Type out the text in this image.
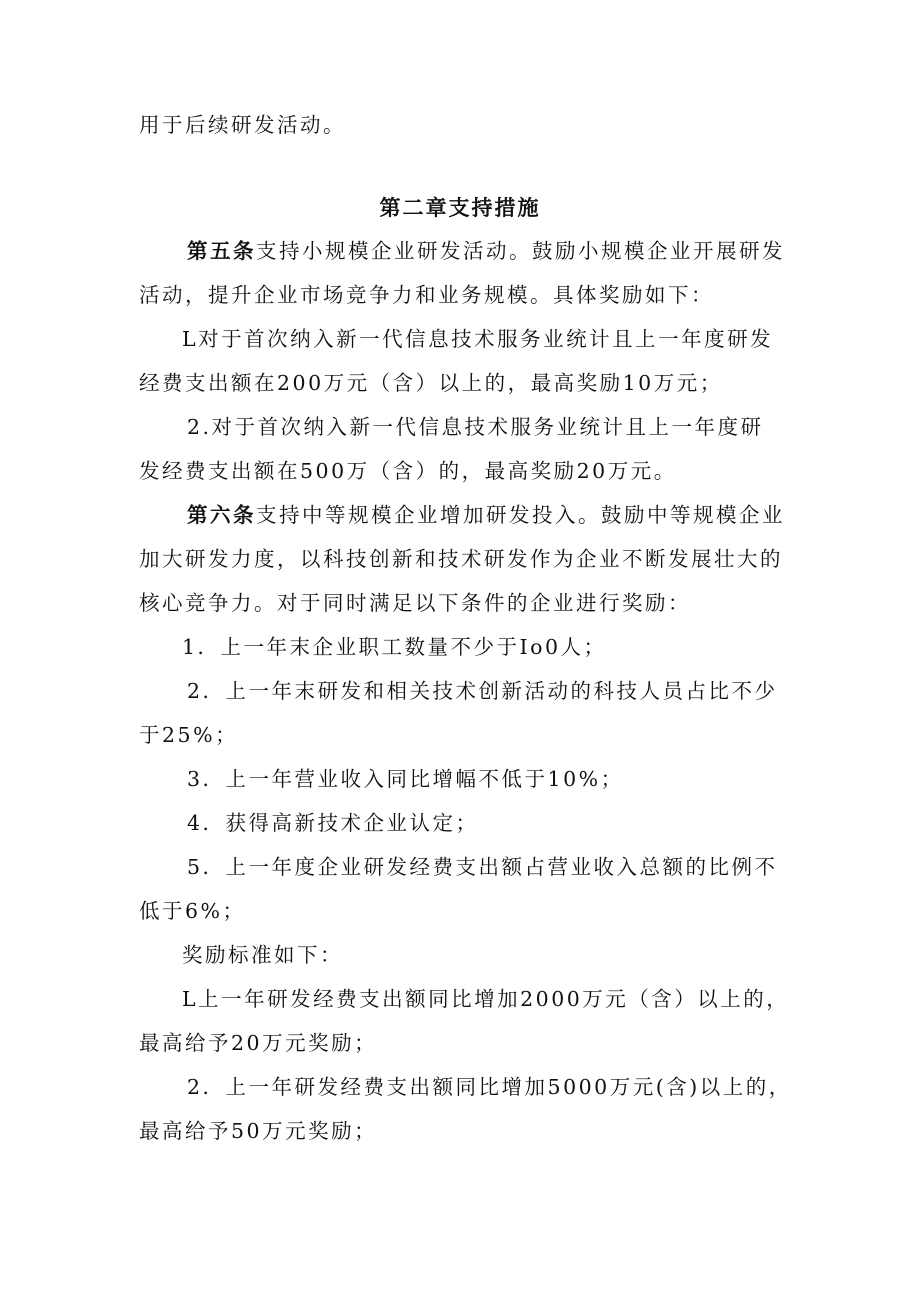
用于后续研发活动。
第二章支持措施
第五条支持小规模企业研发活动。鼓励小规模企业开展研发
活动，提升企业市场竞争力和业务规模。具体奖励如下：
L对于首次纳入新一代信息技术服务业统计且上一年度研发
经费支出额在200万元（含）以上的，最高奖励10万元；
2.对于首次纳入新一代信息技术服务业统计且上一年度研
发经费支出额在500万（含）的，最高奖励20万元。
第六条支持中等规模企业增加研发投入。鼓励中等规模企业
加大研发力度，以科技创新和技术研发作为企业不断发展壮大的
核心竞争力。对于同时满足以下条件的企业进行奖励：
1．上一年末企业职工数量不少于Io0人；
2．上一年末研发和相关技术创新活动的科技人员占比不少
于25%；
3．上一年营业收入同比增幅不低于10%；
4．获得高新技术企业认定；
5．上一年度企业研发经费支出额占营业收入总额的比例不
低于6%；
奖励标准如下：
L上一年研发经费支出额同比增加2000万元（含）以上的，
最高给予20万元奖励；
2．上一年研发经费支出额同比增加5000万元(含)以上的，
最高给予50万元奖励；
